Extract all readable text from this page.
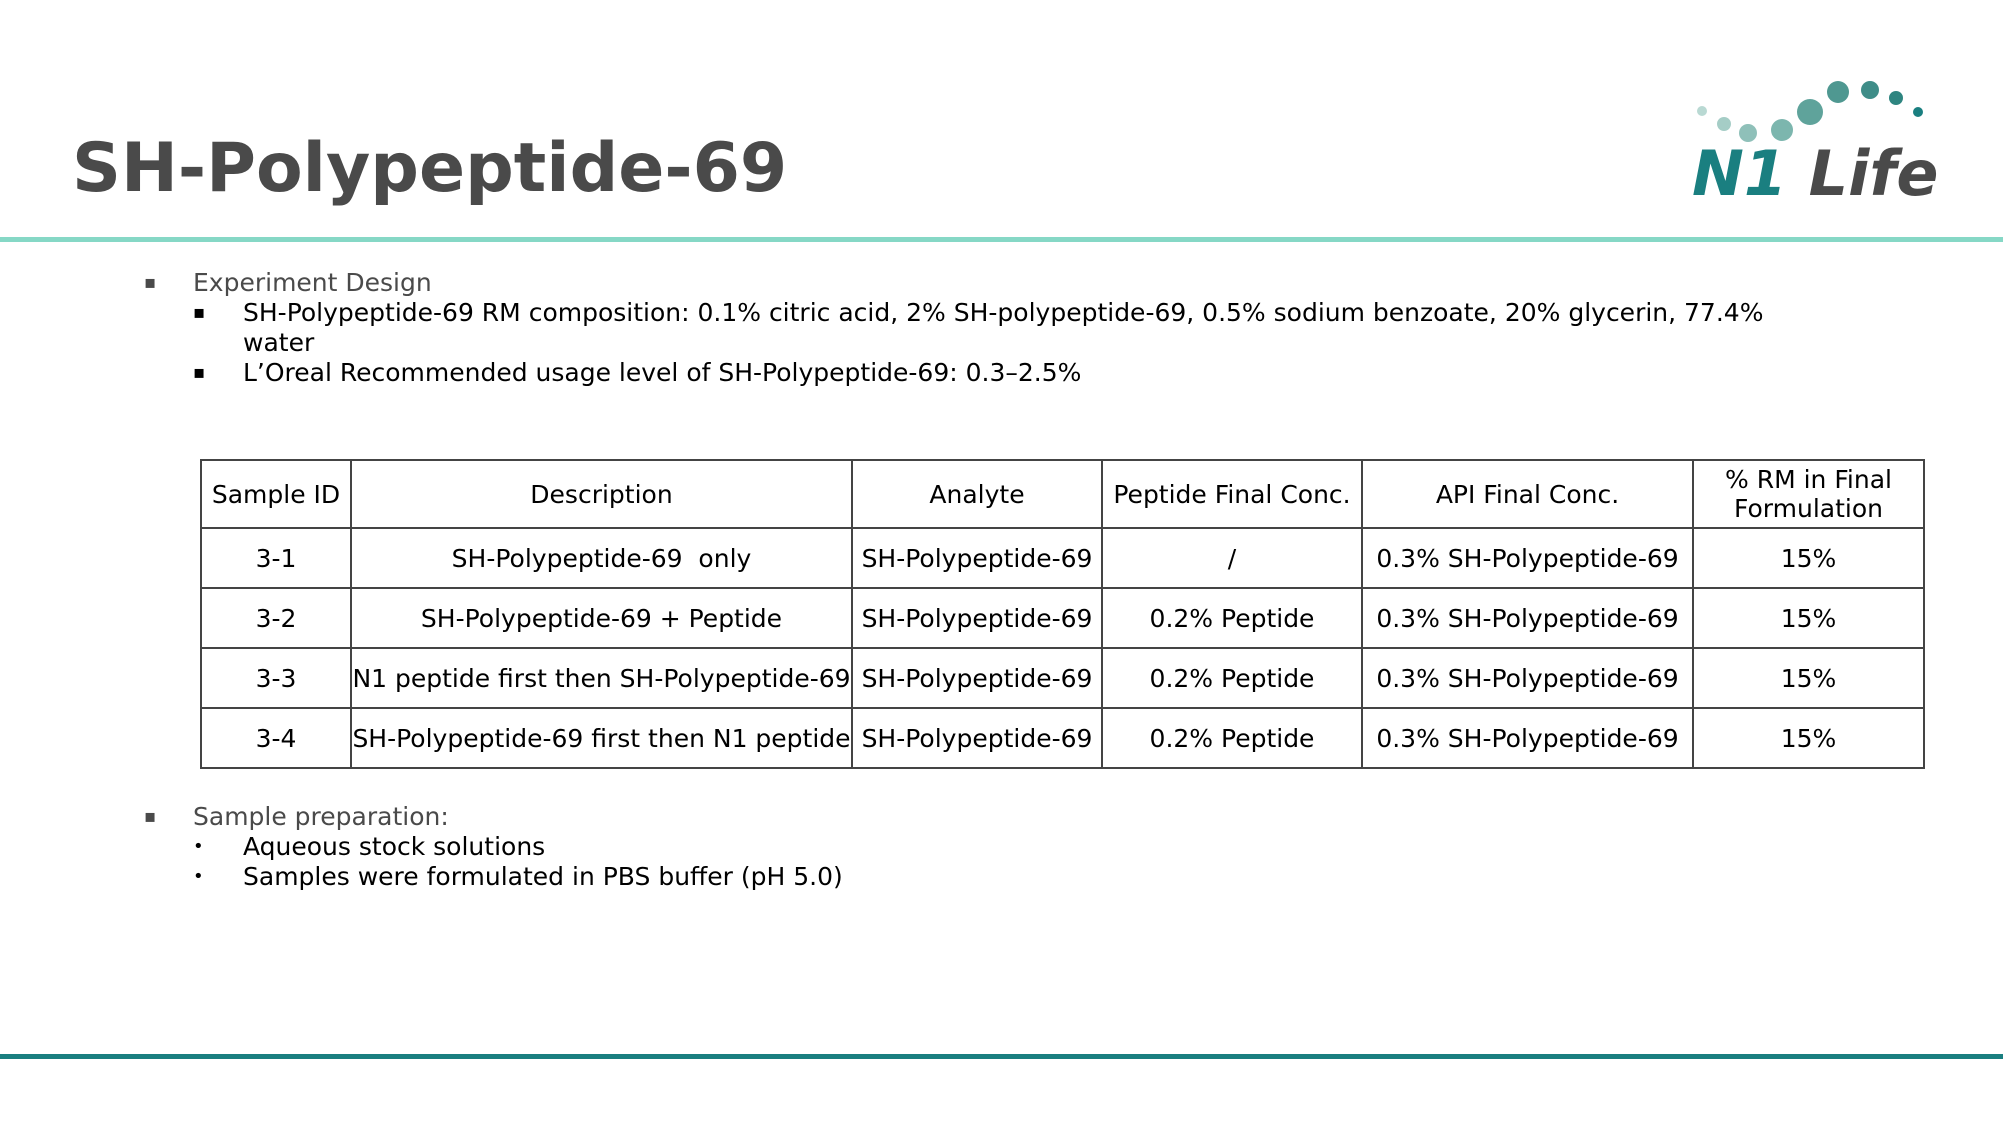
SH-Polypeptide-69	N1 Life
▪ Experiment Design
▪ SH-Polypeptide-69 RM composition: 0.1% citric acid, 2% SH-polypeptide-69, 0.5% sodium benzoate, 20% glycerin, 77.4%
water
▪ L’Oreal Recommended usage level of SH-Polypeptide-69: 0.3–2.5%
Sample ID	Description	Analyte	Peptide Final Conc.	API Final Conc.	% RM in Final
Formulation
3-1	SH-Polypeptide-69  only	SH-Polypeptide-69	/	0.3% SH-Polypeptide-69	15%
3-2	SH-Polypeptide-69 + Peptide	SH-Polypeptide-69	0.2% Peptide	0.3% SH-Polypeptide-69	15%
3-3	N1 peptide first then SH-Polypeptide-69	SH-Polypeptide-69	0.2% Peptide	0.3% SH-Polypeptide-69	15%
3-4	SH-Polypeptide-69 first then N1 peptide	SH-Polypeptide-69	0.2% Peptide	0.3% SH-Polypeptide-69	15%
▪ Sample preparation:
• Aqueous stock solutions
• Samples were formulated in PBS buffer (pH 5.0)
